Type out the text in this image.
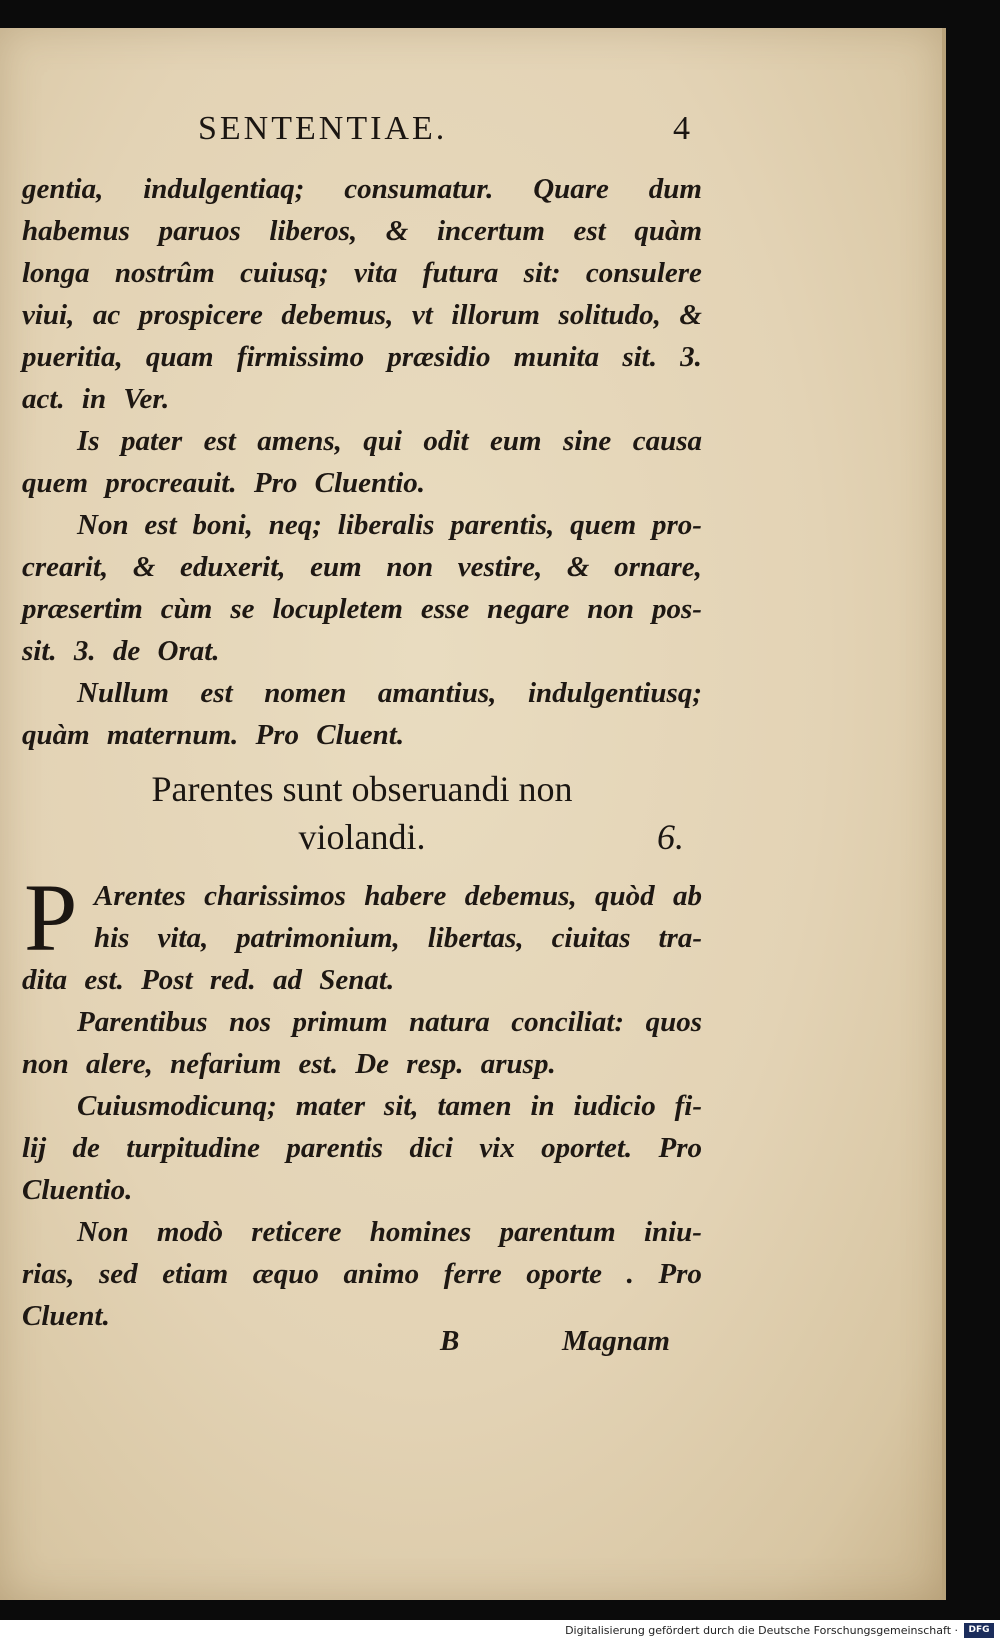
SENTENTIAE.	4
gentia, indulgentiaq; consumatur. Quare dum
habemus paruos liberos, & incertum est quàm
longa nostrûm cuiusq; vita futura sit: consulere
viui, ac prospicere debemus, vt illorum solitudo, &
pueritia, quam firmissimo præsidio munita sit. 3.
act. in Ver.
Is pater est amens, qui odit eum sine causa
quem procreauit. Pro Cluentio.
Non est boni, neq; liberalis parentis, quem pro-
crearit, & eduxerit, eum non vestire, & ornare,
præsertim cùm se locupletem esse negare non pos-
sit. 3. de Orat.
Nullum est nomen amantius, indulgentiusq;
quàm maternum. Pro Cluent.
Parentes sunt obseruandi non
violandi.	6.
P Arentes charissimos habere debemus, quòd ab
his vita, patrimonium, libertas, ciuitas tra-
dita est. Post red. ad Senat.
Parentibus nos primum natura conciliat: quos
non alere, nefarium est. De resp. arusp.
Cuiusmodicunq; mater sit, tamen in iudicio fi-
lij de turpitudine parentis dici vix oportet. Pro
Cluentio.
Non modò reticere homines parentum iniu-
rias, sed etiam æquo animo ferre oporte . Pro
Cluent.
B	Magnam
Digitalisierung gefördert durch die Deutsche Forschungsgemeinschaft ·	DFG
